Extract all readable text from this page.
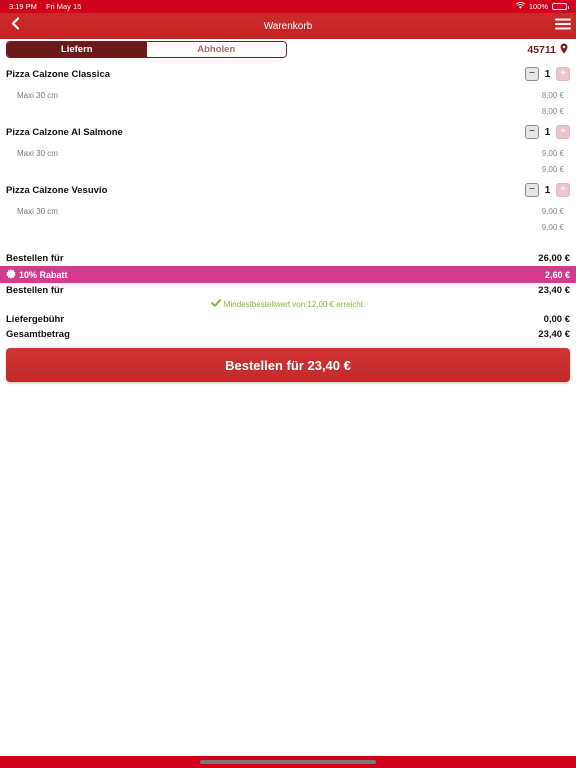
3:19 PM Fri May 15	100%
Warenkorb
Liefern	Abholen	45711
Pizza Calzone Classica	− 1 +
Maxi 30 cm	8,00 €
8,00 €
Pizza Calzone Al Salmone	− 1 +
Maxi 30 cm	9,00 €
9,00 €
Pizza Calzone Vesuvio	− 1 +
Maxi 30 cm	9,00 €
9,00 €
Bestellen für	26,00 €
10% Rabatt	2,60 €
Bestellen für	23,40 €
Mindestbestellwert von 12,00 € erreicht.
Liefergebühr	0,00 €
Gesamtbetrag	23,40 €
Bestellen für 23,40 €
